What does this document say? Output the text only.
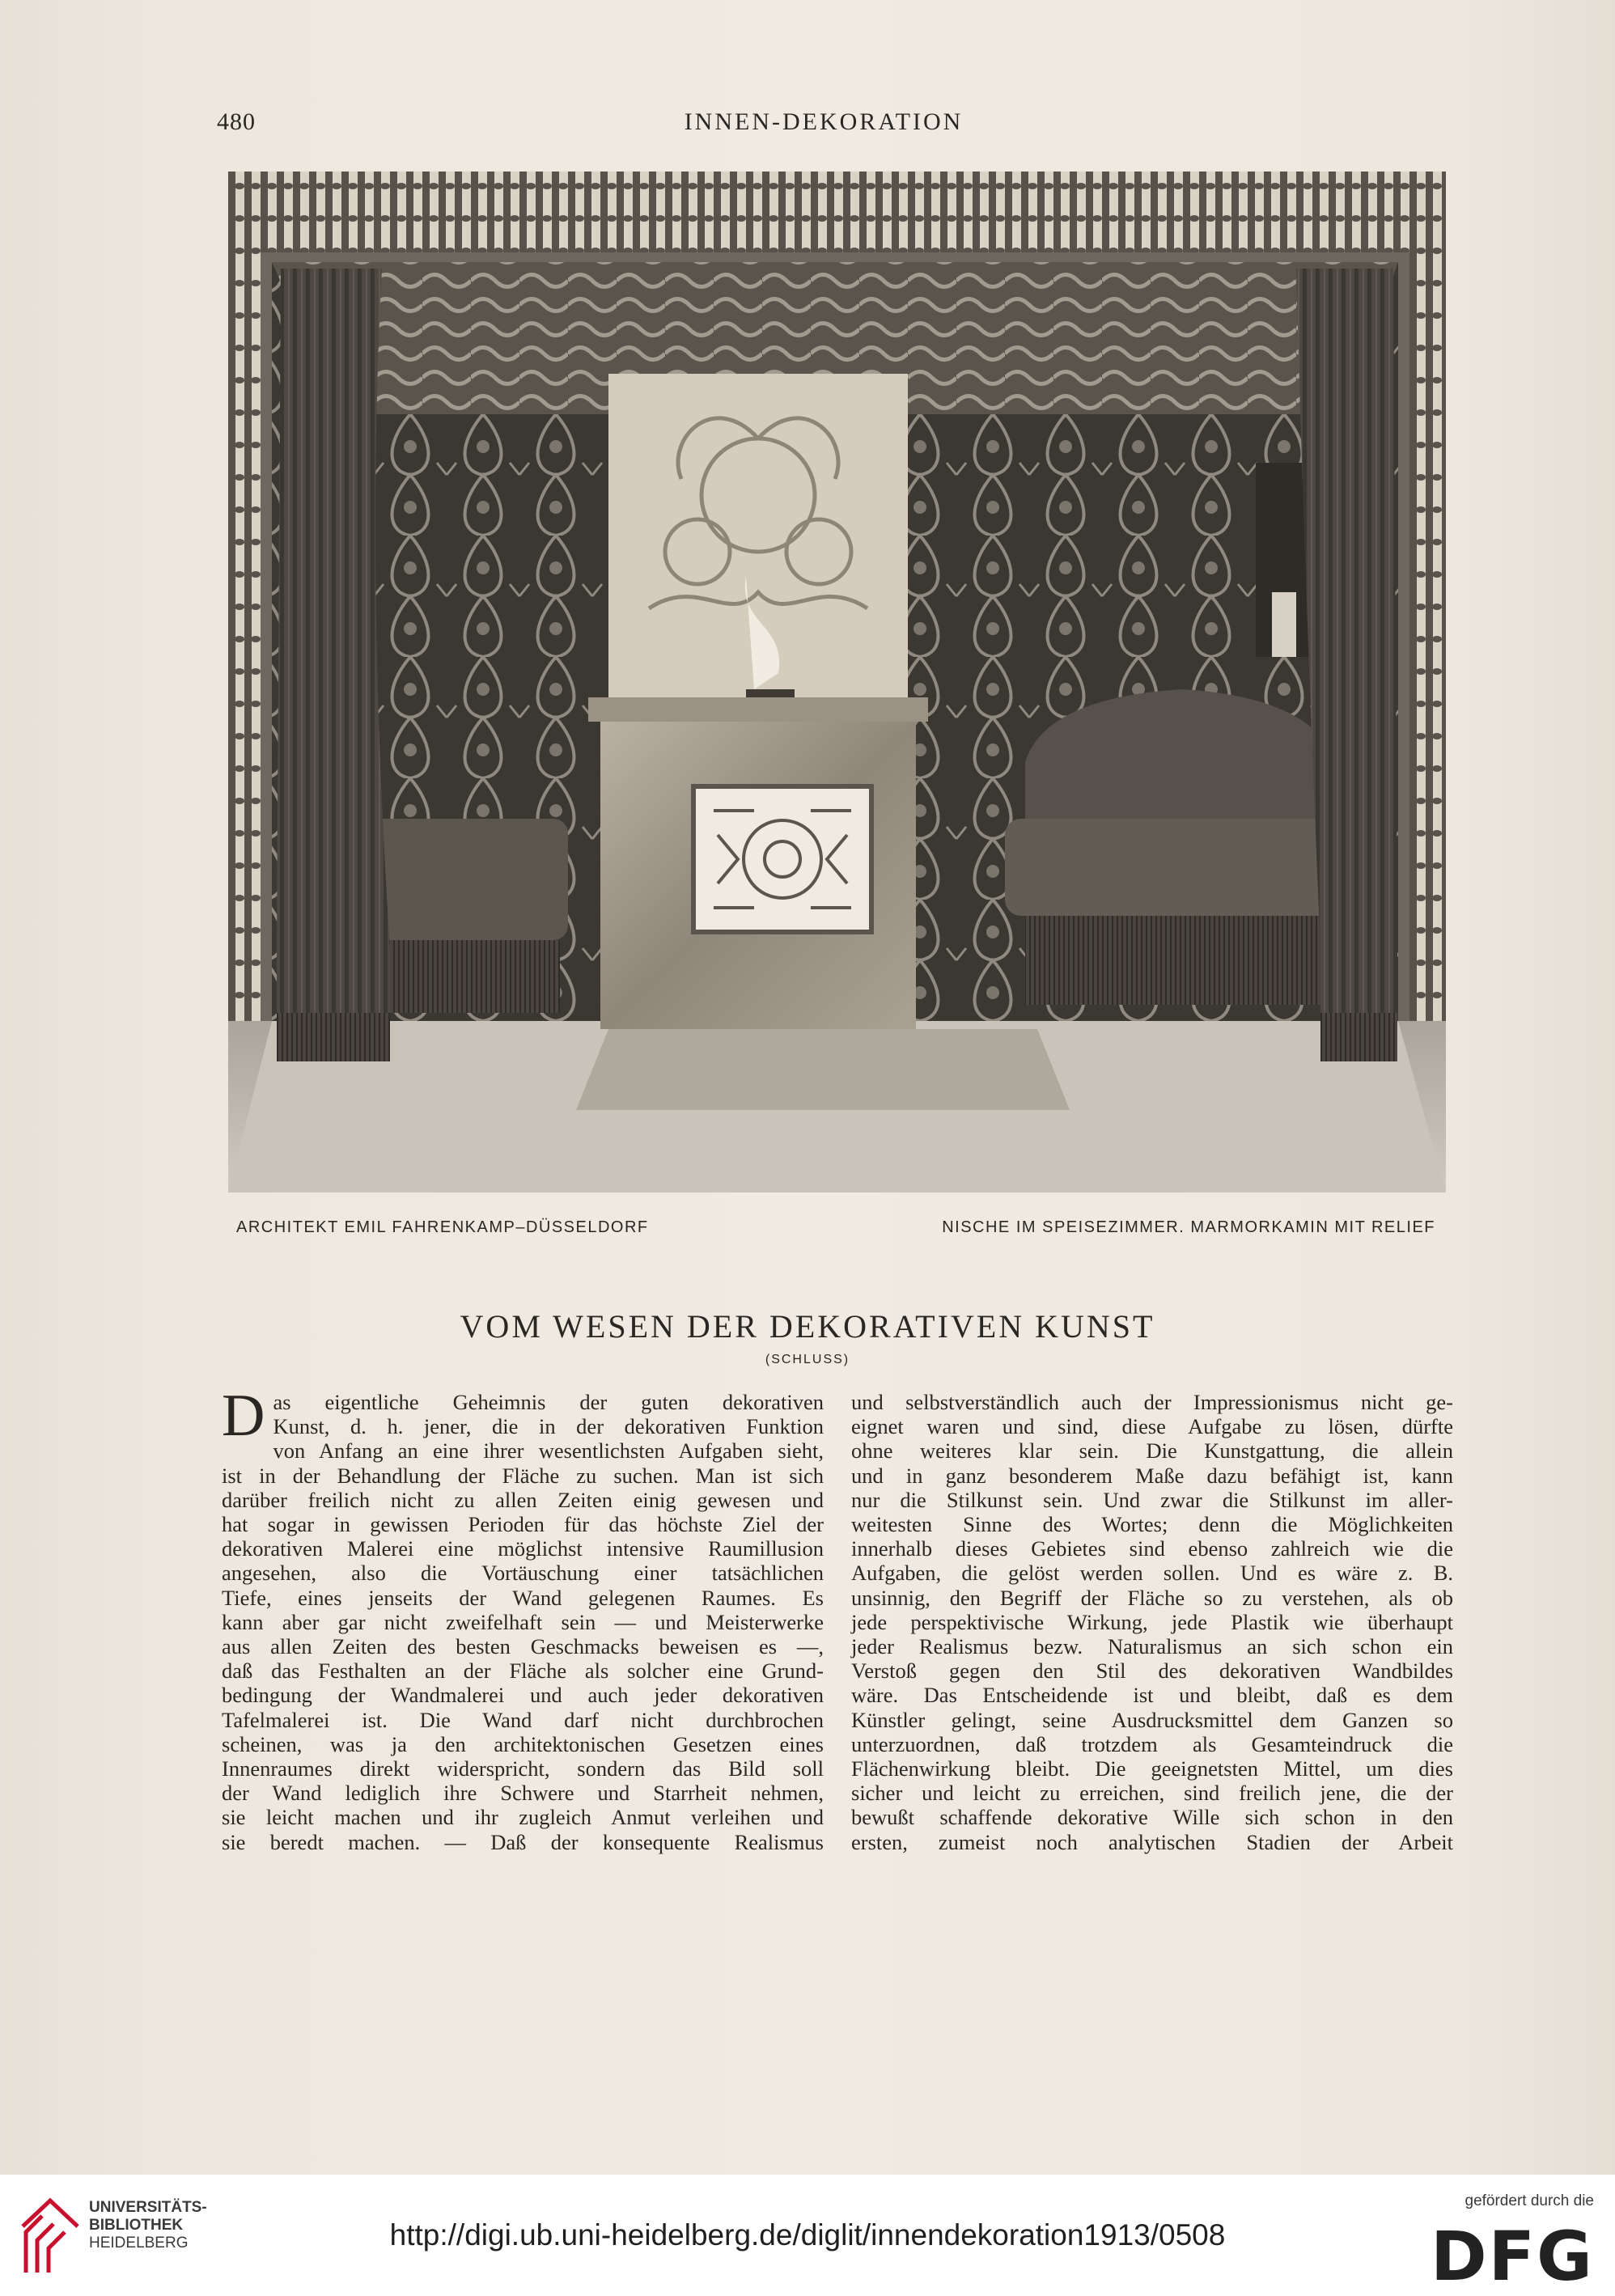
480	INNEN-DEKORATION
ARCHITEKT EMIL FAHRENKAMP–DÜSSELDORF	NISCHE IM SPEISEZIMMER. MARMORKAMIN MIT RELIEF
VOM WESEN DER DEKORATIVEN KUNST
(SCHLUSS)
D as eigentliche Geheimnis der guten dekorativen

Kunst, d. h. jener, die in der dekorativen Funktion

von Anfang an eine ihrer wesentlichsten Aufgaben sieht,

ist in der Behandlung der Fläche zu suchen. Man ist sich

darüber freilich nicht zu allen Zeiten einig gewesen und

hat sogar in gewissen Perioden für das höchste Ziel der

dekorativen Malerei eine möglichst intensive Raumillusion

angesehen, also die Vortäuschung einer tatsächlichen

Tiefe, eines jenseits der Wand gelegenen Raumes. Es

kann aber gar nicht zweifelhaft sein — und Meisterwerke

aus allen Zeiten des besten Geschmacks beweisen es —,

daß das Festhalten an der Fläche als solcher eine Grund-

bedingung der Wandmalerei und auch jeder dekorativen

Tafelmalerei ist. Die Wand darf nicht durchbrochen

scheinen, was ja den architektonischen Gesetzen eines

Innenraumes direkt widerspricht, sondern das Bild soll

der Wand lediglich ihre Schwere und Starrheit nehmen,

sie leicht machen und ihr zugleich Anmut verleihen und

sie beredt machen. — Daß der konsequente Realismus

und selbstverständlich auch der Impressionismus nicht ge-

eignet waren und sind, diese Aufgabe zu lösen, dürfte

ohne weiteres klar sein. Die Kunstgattung, die allein

und in ganz besonderem Maße dazu befähigt ist, kann

nur die Stilkunst sein. Und zwar die Stilkunst im aller-

weitesten Sinne des Wortes; denn die Möglichkeiten

innerhalb dieses Gebietes sind ebenso zahlreich wie die

Aufgaben, die gelöst werden sollen. Und es wäre z. B.

unsinnig, den Begriff der Fläche so zu verstehen, als ob

jede perspektivische Wirkung, jede Plastik wie überhaupt

jeder Realismus bezw. Naturalismus an sich schon ein

Verstoß gegen den Stil des dekorativen Wandbildes

wäre. Das Entscheidende ist und bleibt, daß es dem

Künstler gelingt, seine Ausdrucksmittel dem Ganzen so

unterzuordnen, daß trotzdem als Gesamteindruck die

Flächenwirkung bleibt. Die geeignetsten Mittel, um dies

sicher und leicht zu erreichen, sind freilich jene, die der

bewußt schaffende dekorative Wille sich schon in den

ersten, zumeist noch analytischen Stadien der Arbeit

UNIVERSITÄTS-
BIBLIOTHEK
HEIDELBERG	http://digi.ub.uni-heidelberg.de/diglit/innendekoration1913/0508
gefördert durch die
DFG
